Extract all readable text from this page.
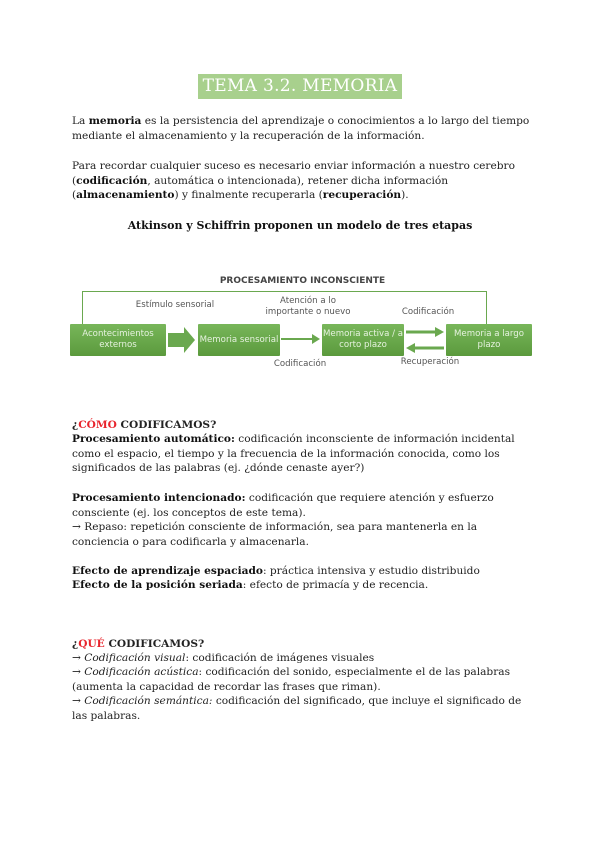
TEMA 3.2. MEMORIA

La memoria es la persistencia del aprendizaje o conocimientos a lo largo del tiempo mediante el almacenamiento y la recuperación de la información.

Para recordar cualquier suceso es necesario enviar información a nuestro cerebro (codificación, automática o intencionada), retener dicha información (almacenamiento) y finalmente recuperarla (recuperación).

Atkinson y Schiffrin proponen un modelo de tres etapas
PROCESAMIENTO INCONSCIENTE
Estímulo sensorial	Atención a lo importante o nuevo	Codificación
Acontecimientos externos
Memoria sensorial
Memoria activa / a corto plazo
Memoria a largo plazo
Codificación	Recuperación

¿CÓMO CODIFICAMOS?

Procesamiento automático: codificación inconsciente de información incidental como el espacio, el tiempo y la frecuencia de la información conocida, como los significados de las palabras (ej. ¿dónde cenaste ayer?)

Procesamiento intencionado: codificación que requiere atención y esfuerzo consciente (ej. los conceptos de este tema).

→ Repaso: repetición consciente de información, sea para mantenerla en la conciencia o para codificarla y almacenarla.

Efecto de aprendizaje espaciado: práctica intensiva y estudio distribuido

Efecto de la posición seriada: efecto de primacía y de recencia.

¿QUÉ CODIFICAMOS?

→ Codificación visual: codificación de imágenes visuales

→ Codificación acústica: codificación del sonido, especialmente el de las palabras (aumenta la capacidad de recordar las frases que riman).

→ Codificación semántica: codificación del significado, que incluye el significado de las palabras.
